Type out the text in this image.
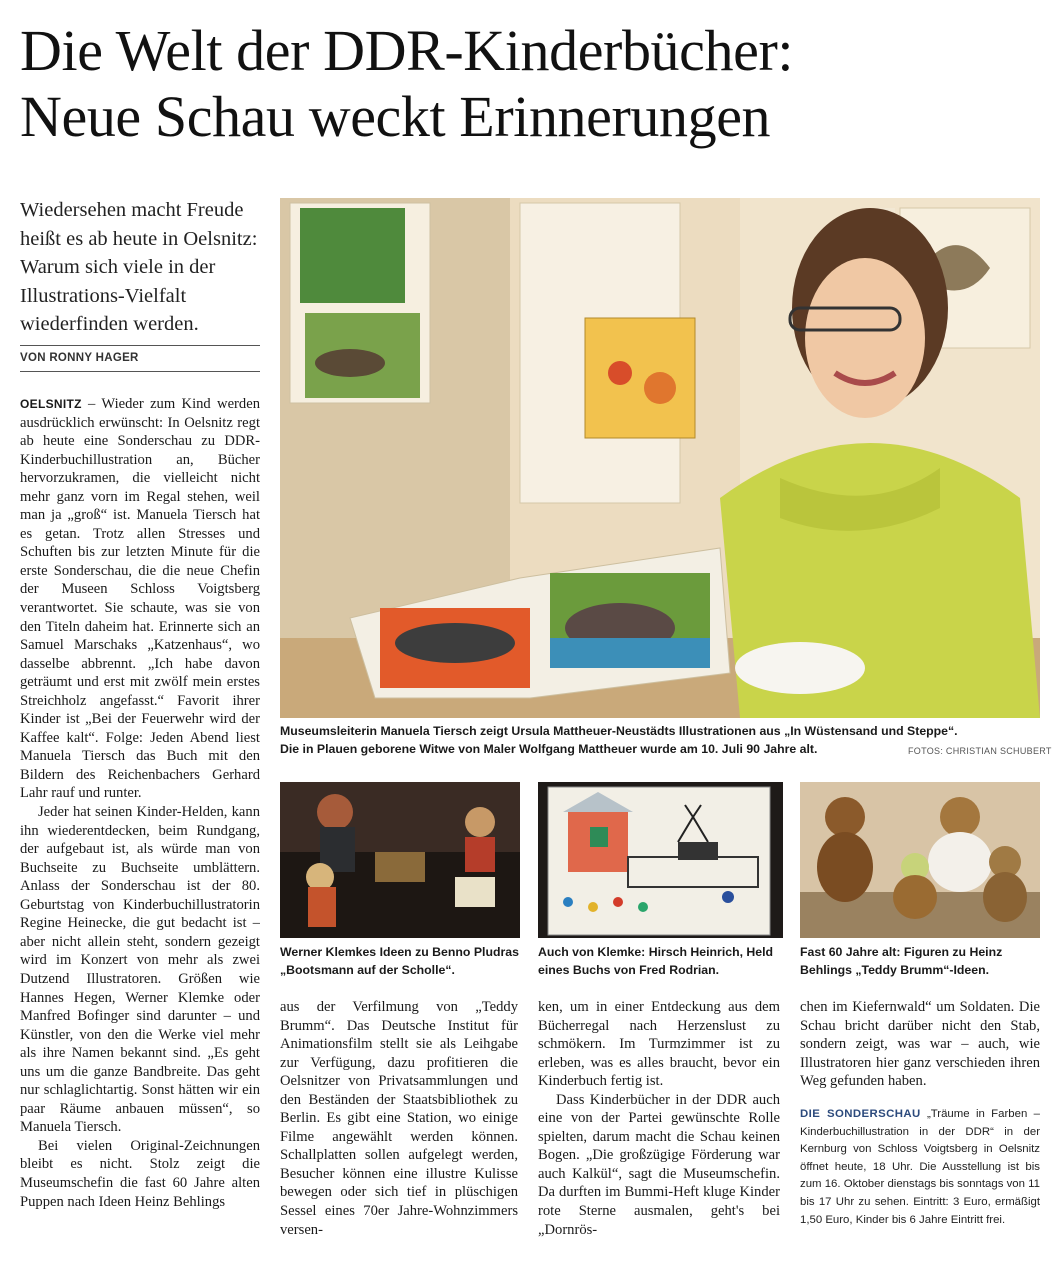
Die Welt der DDR-Kinderbücher:
Neue Schau weckt Erinnerungen
Wiedersehen macht Freude heißt es ab heute in Oelsnitz: Warum sich viele in der Illustrations-Vielfalt wiederfinden werden.
VON RONNY HAGER

OELSNITZ – Wieder zum Kind werden ausdrücklich erwünscht: In Oelsnitz regt ab heute eine Sonderschau zu DDR-Kinderbuchillustration an, Bücher hervorzukramen, die vielleicht nicht mehr ganz vorn im Regal stehen, weil man ja „groß“ ist. Manuela Tiersch hat es getan. Trotz allen Stresses und Schuften bis zur letzten Minute für die erste Sonderschau, die die neue Chefin der Museen Schloss Voigtsberg verantwortet. Sie schaute, was sie von den Titeln daheim hat. Erinnerte sich an Samuel Marschaks „Katzenhaus“, wo dasselbe abbrennt. „Ich habe davon geträumt und erst mit zwölf mein erstes Streichholz angefasst.“ Favorit ihrer Kinder ist „Bei der Feuerwehr wird der Kaffee kalt“. Folge: Jeden Abend liest Manuela Tiersch das Buch mit den Bildern des Reichenbachers Gerhard Lahr rauf und runter.

Jeder hat seinen Kinder-Helden, kann ihn wiederentdecken, beim Rundgang, der aufgebaut ist, als würde man von Buchseite zu Buchseite umblättern. Anlass der Sonderschau ist der 80. Geburtstag von Kinderbuchillustratorin Regine Heinecke, die gut bedacht ist – aber nicht allein steht, sondern gezeigt wird im Konzert von mehr als zwei Dutzend Illustratoren. Größen wie Hannes Hegen, Werner Klemke oder Manfred Bofinger sind darunter – und Künstler, von den die Werke viel mehr als ihre Namen bekannt sind. „Es geht uns um die ganze Bandbreite. Das geht nur schlaglichtartig. Sonst hätten wir ein paar Räume anbauen müssen“, so Manuela Tiersch.

Bei vielen Original-Zeichnungen bleibt es nicht. Stolz zeigt die Museumschefin die fast 60 Jahre alten Puppen nach Ideen Heinz Behlings

Museumsleiterin Manuela Tiersch zeigt Ursula Mattheuer-Neustädts Illustrationen aus „In Wüstensand und Steppe“. Die in Plauen geborene Witwe von Maler Wolfgang Mattheuer wurde am 10. Juli 90 Jahre alt.	FOTOS: CHRISTIAN SCHUBERT
Werner Klemkes Ideen zu Benno Pludras „Bootsmann auf der Scholle“.
Auch von Klemke: Hirsch Heinrich, Held eines Buchs von Fred Rodrian.
Fast 60 Jahre alt: Figuren zu Heinz Behlings „Teddy Brumm“-Ideen.

aus der Verfilmung von „Teddy Brumm“. Das Deutsche Institut für Animationsfilm stellt sie als Leihgabe zur Verfügung, dazu profitieren die Oelsnitzer von Privatsammlungen und den Beständen der Staatsbibliothek zu Berlin. Es gibt eine Station, wo einige Filme angewählt werden können. Schallplatten sollen aufgelegt werden, Besucher können eine illustre Kulisse bewegen oder sich tief in plüschigen Sessel eines 70er Jahre-Wohnzimmers versen-

ken, um in einer Entdeckung aus dem Bücherregal nach Herzenslust zu schmökern. Im Turmzimmer ist zu erleben, was es alles braucht, bevor ein Kinderbuch fertig ist.

Dass Kinderbücher in der DDR auch eine von der Partei gewünschte Rolle spielten, darum macht die Schau keinen Bogen. „Die großzügige Förderung war auch Kalkül“, sagt die Museumschefin. Da durften im Bummi-Heft kluge Kinder rote Sterne ausmalen, geht's bei „Dornrös-

chen im Kiefernwald“ um Soldaten. Die Schau bricht darüber nicht den Stab, sondern zeigt, was war – auch, wie Illustratoren hier ganz verschieden ihren Weg gefunden haben.

DIE SONDERSCHAU „Träume in Farben – Kinderbuchillustration in der DDR“ in der Kernburg von Schloss Voigtsberg in Oelsnitz öffnet heute, 18 Uhr. Die Ausstellung ist bis zum 16. Oktober dienstags bis sonntags von 11 bis 17 Uhr zu sehen. Eintritt: 3 Euro, ermäßigt 1,50 Euro, Kinder bis 6 Jahre Eintritt frei.
